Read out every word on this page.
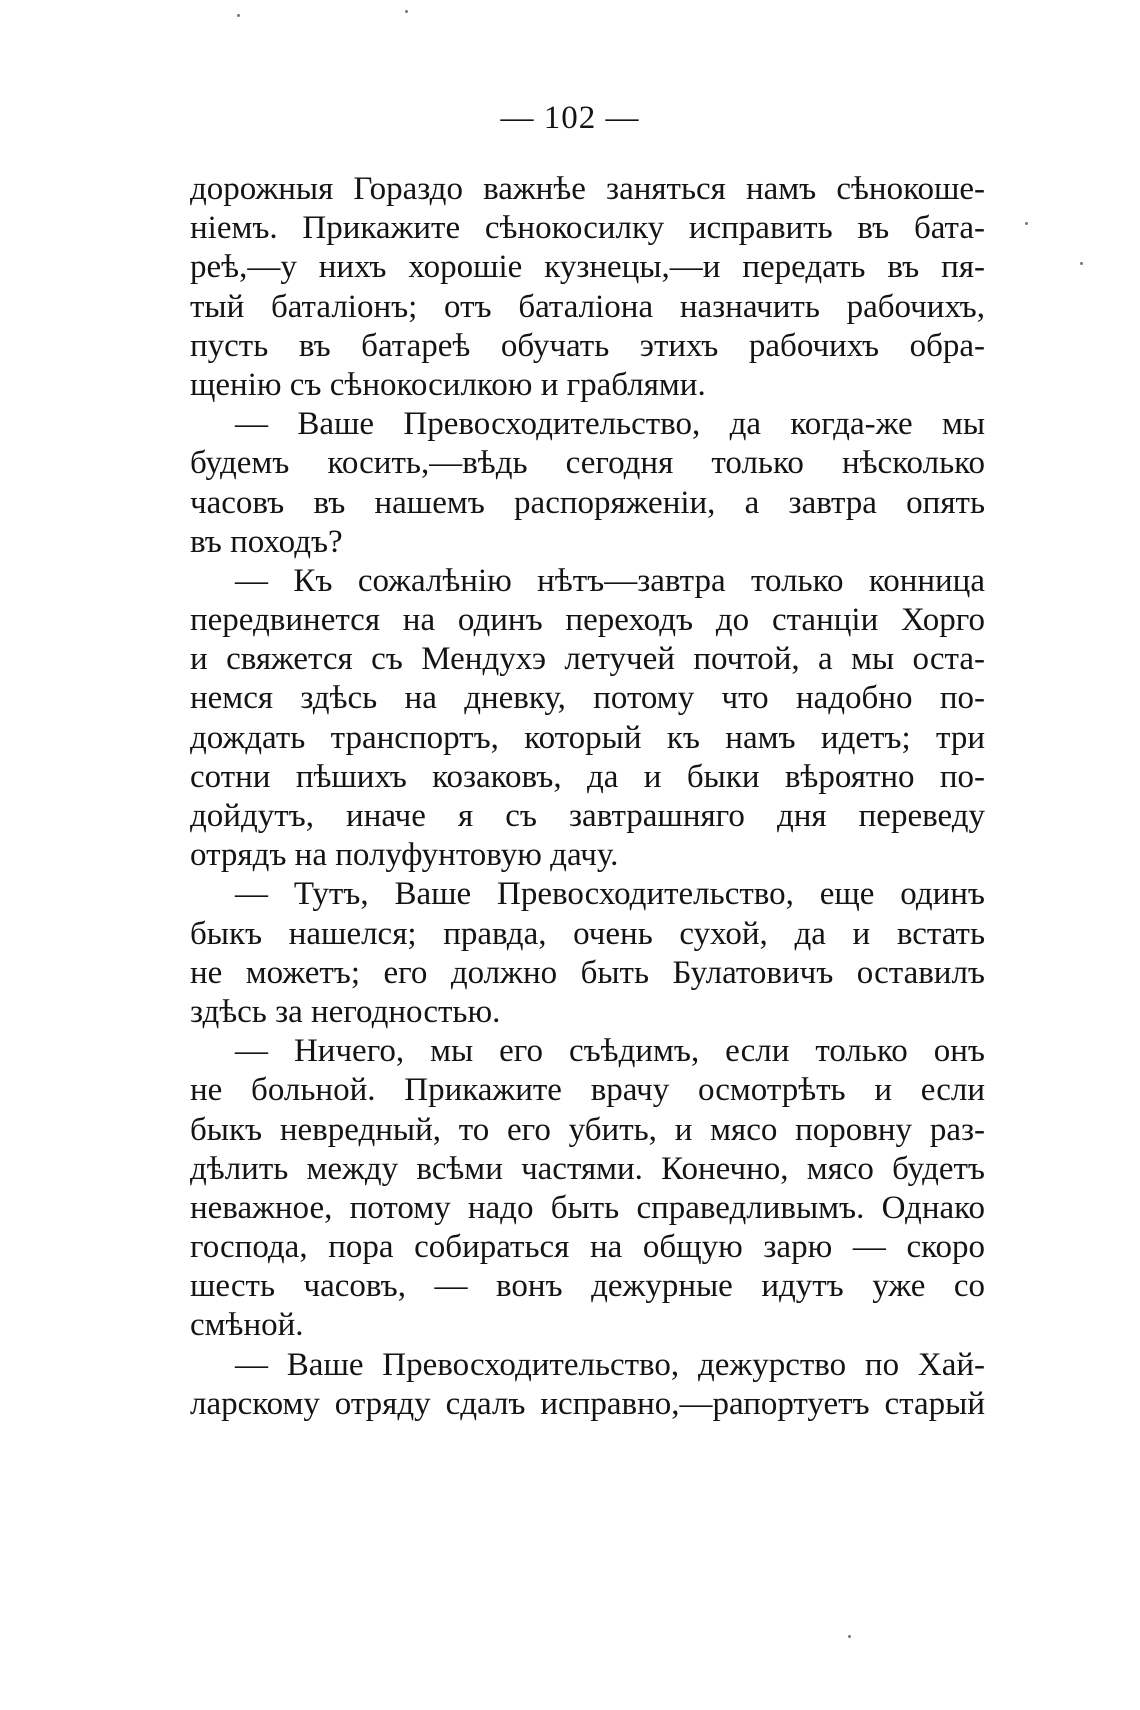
— 102 —
дорожныя Гораздо важнѣе заняться намъ сѣнокоше-
ніемъ. Прикажите сѣнокосилку исправить въ бата-
реѣ,—у нихъ хорошіе кузнецы,—и передать въ пя-
тый баталіонъ; отъ баталіона назначить рабочихъ,
пусть въ батареѣ обучать этихъ рабочихъ обра-
щенію съ сѣнокосилкою и граблями.
— Ваше Превосходительство, да когда-же мы
будемъ косить,—вѣдь сегодня только нѣсколько
часовъ въ нашемъ распоряженіи, а завтра опять
въ походъ?
— Къ сожалѣнію нѣтъ—завтра только конница
передвинется на одинъ переходъ до станціи Хорго
и свяжется съ Мендухэ летучей почтой, а мы оста-
немся здѣсь на дневку, потому что надобно по-
дождать транспортъ, который къ намъ идетъ; три
сотни пѣшихъ козаковъ, да и быки вѣроятно по-
дойдутъ, иначе я съ завтрашняго дня переведу
отрядъ на полуфунтовую дачу.
— Тутъ, Ваше Превосходительство, еще одинъ
быкъ нашелся; правда, очень сухой, да и встать
не можетъ; его должно быть Булатовичъ оставилъ
здѣсь за негодностью.
— Ничего, мы его съѣдимъ, если только онъ
не больной. Прикажите врачу осмотрѣть и если
быкъ невредный, то его убить, и мясо поровну раз-
дѣлить между всѣми частями. Конечно, мясо будетъ
неважное, потому надо быть справедливымъ. Однако
господа, пора собираться на общую зарю — скоро
шесть часовъ, — вонъ дежурные идутъ уже со
смѣной.
— Ваше Превосходительство, дежурство по Хай-
ларскому отряду сдалъ исправно,—рапортуетъ старый
